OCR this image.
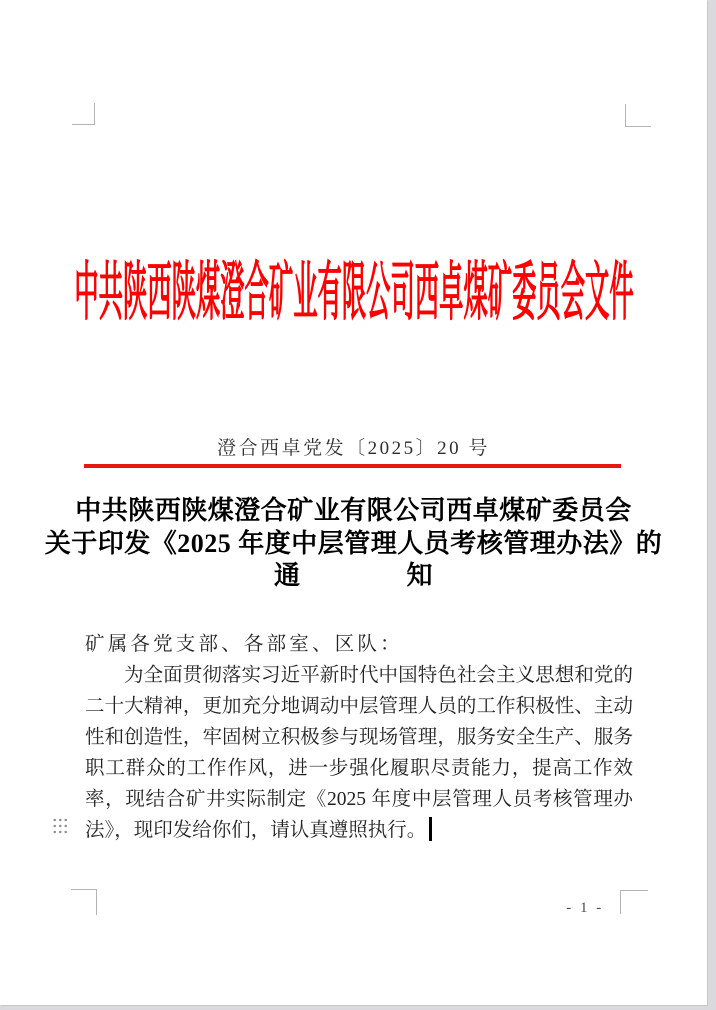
中共陕西陕煤澄合矿业有限公司西卓煤矿委员会文件
澄合西卓党发〔2025〕20 号
中共陕西陕煤澄合矿业有限公司西卓煤矿委员会
关于印发《2025 年度中层管理人员考核管理办法》的
通　　　　知
矿属各党支部、各部室、区队：
为全面贯彻落实习近平新时代中国特色社会主义思想和党的二十大精神，更加充分地调动中层管理人员的工作积极性、主动性和创造性，牢固树立积极参与现场管理，服务安全生产、服务职工群众的工作作风，进一步强化履职尽责能力，提高工作效率，现结合矿井实际制定《2025 年度中层管理人员考核管理办法》，现印发给你们，请认真遵照执行。
- 1 -
